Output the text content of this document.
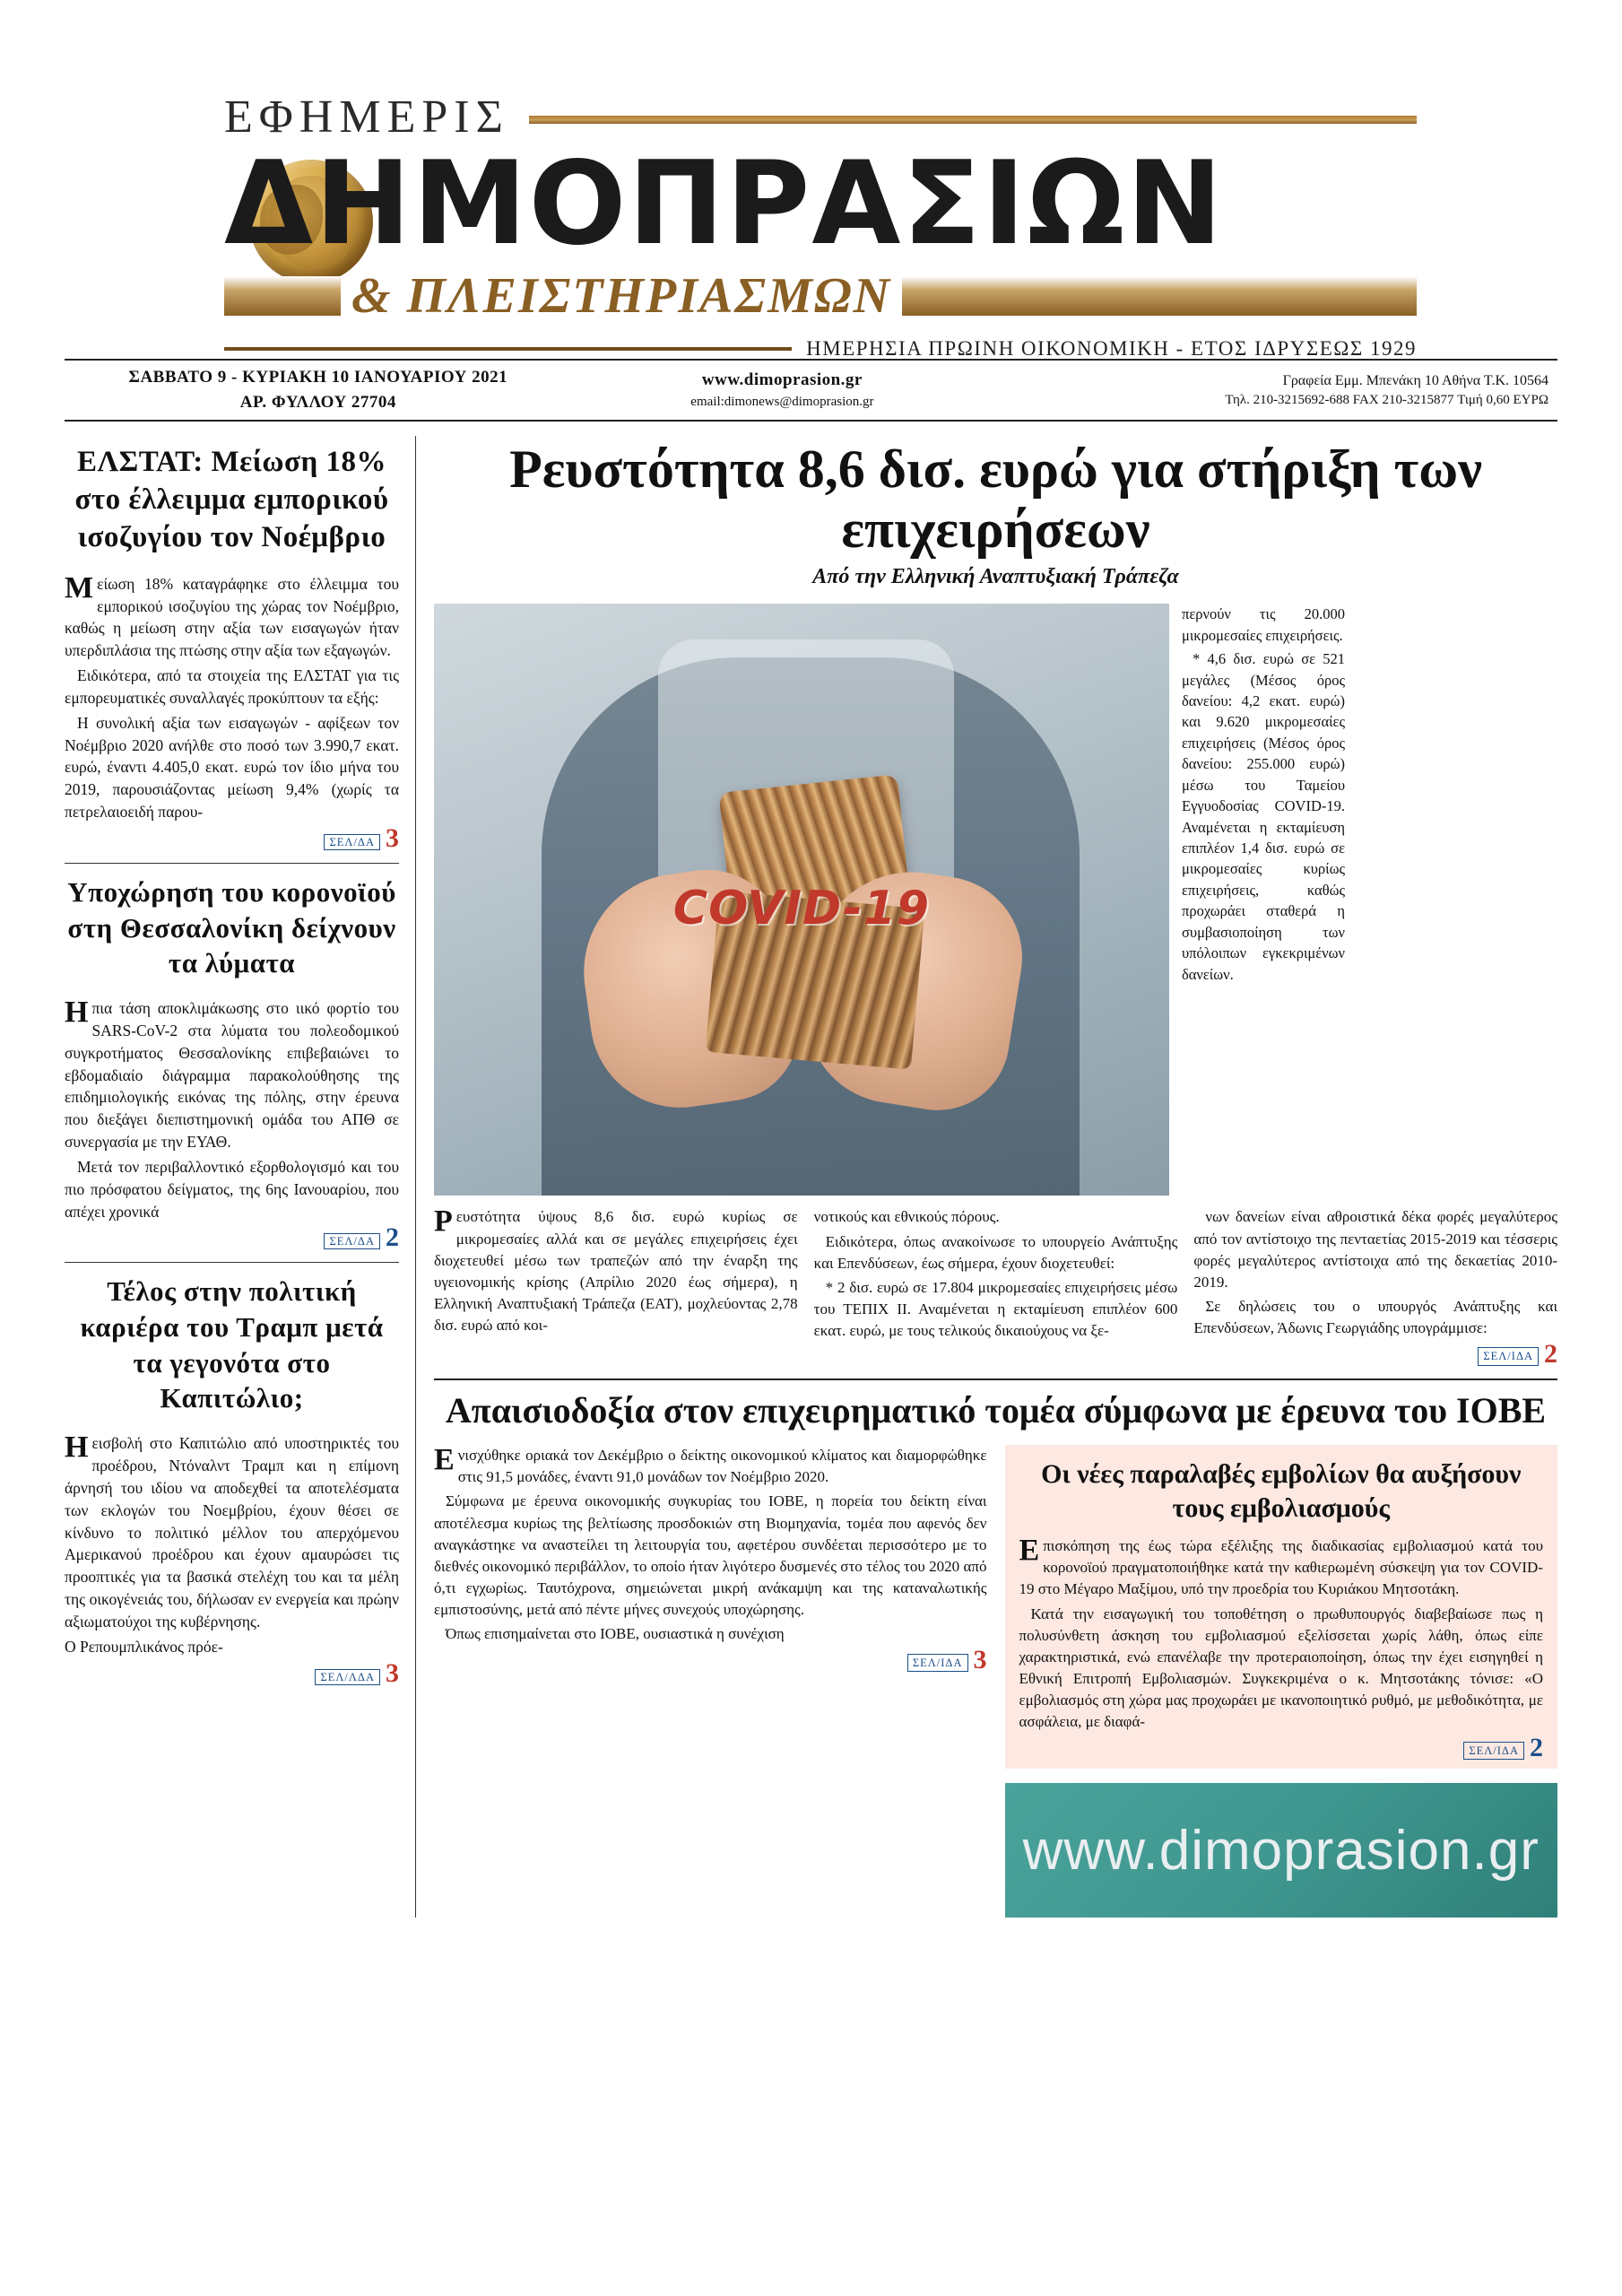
ΕΦΗΜΕΡΙΣ
ΔΗΜΟΠΡΑΣΙΩΝ
& ΠΛΕΙΣΤΗΡΙΑΣΜΩΝ
ΗΜΕΡΗΣΙΑ ΠΡΩΙΝΗ ΟΙΚΟΝΟΜΙΚΗ - ΕΤΟΣ ΙΔΡΥΣΕΩΣ 1929
ΣΑΒΒΑΤΟ 9 - ΚΥΡΙΑΚΗ 10 ΙΑΝΟΥΑΡΙΟΥ 2021
ΑΡ. ΦΥΛΛΟΥ 27704
www.dimoprasion.gr
email:dimonews@dimoprasion.gr
Γραφεία Εμμ. Μπενάκη 10 Αθήνα Τ.Κ. 10564
Τηλ. 210-3215692-688 FAX 210-3215877 Τιμή 0,60 ΕΥΡΩ
ΕΛΣΤΑΤ: Μείωση 18% στο έλλειμμα εμπορικού ισοζυγίου τον Νοέμβριο

Μείωση 18% καταγράφηκε στο έλλειμμα του εμπορικού ισοζυγίου της χώρας τον Νοέμβριο, καθώς η μείωση στην αξία των εισαγωγών ήταν υπερδιπλάσια της πτώσης στην αξία των εξαγωγών.

Ειδικότερα, από τα στοιχεία της ΕΛΣΤΑΤ για τις εμπορευματικές συναλλαγές προκύπτουν τα εξής:

Η συνολική αξία των εισαγωγών - αφίξεων τον Νοέμβριο 2020 ανήλθε στο ποσό των 3.990,7 εκατ. ευρώ, έναντι 4.405,0 εκατ. ευρώ τον ίδιο μήνα του 2019, παρουσιάζοντας μείωση 9,4% (χωρίς τα πετρελαιοειδή παρου-

ΣΕΛ/ΔΑ 3
Υποχώρηση του κορονοϊού στη Θεσσαλονίκη δείχνουν τα λύματα

Ηπια τάση αποκλιμάκωσης στο ιικό φορτίο του SARS-CoV-2 στα λύματα του πολεοδομικού συγκροτήματος Θεσσαλονίκης επιβεβαιώνει το εβδομαδιαίο διάγραμμα παρακολούθησης της επιδημιολογικής εικόνας της πόλης, στην έρευνα που διεξάγει διεπιστημονική ομάδα του ΑΠΘ σε συνεργασία με την ΕΥΑΘ.

Μετά τον περιβαλλοντικό εξορθολογισμό και του πιο πρόσφατου δείγματος, της 6ης Ιανουαρίου, που απέχει χρονικά

ΣΕΛ/ΔΑ 2
Τέλος στην πολιτική καριέρα του Τραμπ μετά τα γεγονότα στο Καπιτώλιο;

Ηεισβολή στο Καπιτώλιο από υποστηρικτές του προέδρου, Ντόναλντ Τραμπ και η επίμονη άρνησή του ιδίου να αποδεχθεί τα αποτελέσματα των εκλογών του Νοεμβρίου, έχουν θέσει σε κίνδυνο το πολιτικό μέλλον του απερχόμενου Αμερικανού προέδρου και έχουν αμαυρώσει τις προοπτικές για τα βασικά στελέχη του και τα μέλη της οικογένειάς του, δήλωσαν εν ενεργεία και πρώην αξιωματούχοι της κυβέρνησης.

Ο Ρεπουμπλικάνος πρόε-

ΣΕΛ/ΛΔΑ 3
Ρευστότητα 8,6 δισ. ευρώ για στήριξη των επιχειρήσεων
Από την Ελληνική Αναπτυξιακή Τράπεζα
COVID-19

περνούν τις 20.000 μικρομεσαίες επιχειρήσεις.

* 4,6 δισ. ευρώ σε 521 μεγάλες (Μέσος όρος δανείου: 4,2 εκατ. ευρώ) και 9.620 μικρομεσαίες επιχειρήσεις (Μέσος όρος δανείου: 255.000 ευρώ) μέσω του Ταμείου Εγγυοδοσίας COVID-19. Αναμένεται η εκταμίευση επιπλέον 1,4 δισ. ευρώ σε μικρομεσαίες κυρίως επιχειρήσεις, καθώς προχωράει σταθερά η συμβασιοποίηση των υπόλοιπων εγκεκριμένων δανείων.

Ρευστότητα ύψους 8,6 δισ. ευρώ κυρίως σε μικρομεσαίες αλλά και σε μεγάλες επιχειρήσεις έχει διοχετευθεί μέσω των τραπεζών από την έναρξη της υγειονομικής κρίσης (Απρίλιο 2020 έως σήμερα), η Ελληνική Αναπτυξιακή Τράπεζα (ΕΑΤ), μοχλεύοντας 2,78 δισ. ευρώ από κοι-

νοτικούς και εθνικούς πόρους.

Ειδικότερα, όπως ανακοίνωσε το υπουργείο Ανάπτυξης και Επενδύσεων, έως σήμερα, έχουν διοχετευθεί:

* 2 δισ. ευρώ σε 17.804 μικρομεσαίες επιχειρήσεις μέσω του ΤΕΠΙΧ ΙΙ. Αναμένεται η εκταμίευση επιπλέον 600 εκατ. ευρώ, με τους τελικούς δικαιούχους να ξε-

νων δανείων είναι αθροιστικά δέκα φορές μεγαλύτερος από τον αντίστοιχο της πενταετίας 2015-2019 και τέσσερις φορές μεγαλύτερος αντίστοιχα από της δεκαετίας 2010-2019.

Σε δηλώσεις του ο υπουργός Ανάπτυξης και Επενδύσεων, Άδωνις Γεωργιάδης υπογράμμισε:

ΣΕΛ/ΙΔΑ 2
Απαισιοδοξία στον επιχειρηματικό τομέα σύμφωνα με έρευνα του ΙΟΒΕ

Ενισχύθηκε οριακά τον Δεκέμβριο ο δείκτης οικονομικού κλίματος και διαμορφώθηκε στις 91,5 μονάδες, έναντι 91,0 μονάδων τον Νοέμβριο 2020.

Σύμφωνα με έρευνα οικονομικής συγκυρίας του ΙΟΒΕ, η πορεία του δείκτη είναι αποτέλεσμα κυρίως της βελτίωσης προσδοκιών στη Βιομηχανία, τομέα που αφενός δεν αναγκάστηκε να αναστείλει τη λειτουργία του, αφετέρου συνδέεται περισσότερο με το διεθνές οικονομικό περιβάλλον, το οποίο ήταν λιγότερο δυσμενές στο τέλος του 2020 από ό,τι εγχωρίως. Ταυτόχρονα, σημειώνεται μικρή ανάκαμψη και της καταναλωτικής εμπιστοσύνης, μετά από πέντε μήνες συνεχούς υποχώρησης.

Όπως επισημαίνεται στο ΙΟΒΕ, ουσιαστικά η συνέχιση

ΣΕΛ/ΙΔΑ 3
Οι νέες παραλαβές εμβολίων θα αυξήσουν τους εμβολιασμούς

Επισκόπηση της έως τώρα εξέλιξης της διαδικασίας εμβολιασμού κατά του κορονοϊού πραγματοποιήθηκε κατά την καθιερωμένη σύσκεψη για τον COVID-19 στο Μέγαρο Μαξίμου, υπό την προεδρία του Κυριάκου Μητσοτάκη.

Κατά την εισαγωγική του τοποθέτηση ο πρωθυπουργός διαβεβαίωσε πως η πολυσύνθετη άσκηση του εμβολιασμού εξελίσσεται χωρίς λάθη, όπως είπε χαρακτηριστικά, ενώ επανέλαβε την προτεραιοποίηση, όπως την έχει εισηγηθεί η Εθνική Επιτροπή Εμβολιασμών. Συγκεκριμένα ο κ. Μητσοτάκης τόνισε: «Ο εμβολιασμός στη χώρα μας προχωράει με ικανοποιητικό ρυθμό, με μεθοδικότητα, με ασφάλεια, με διαφά-

ΣΕΛ/ΙΔΑ 2
www.dimoprasion.gr
